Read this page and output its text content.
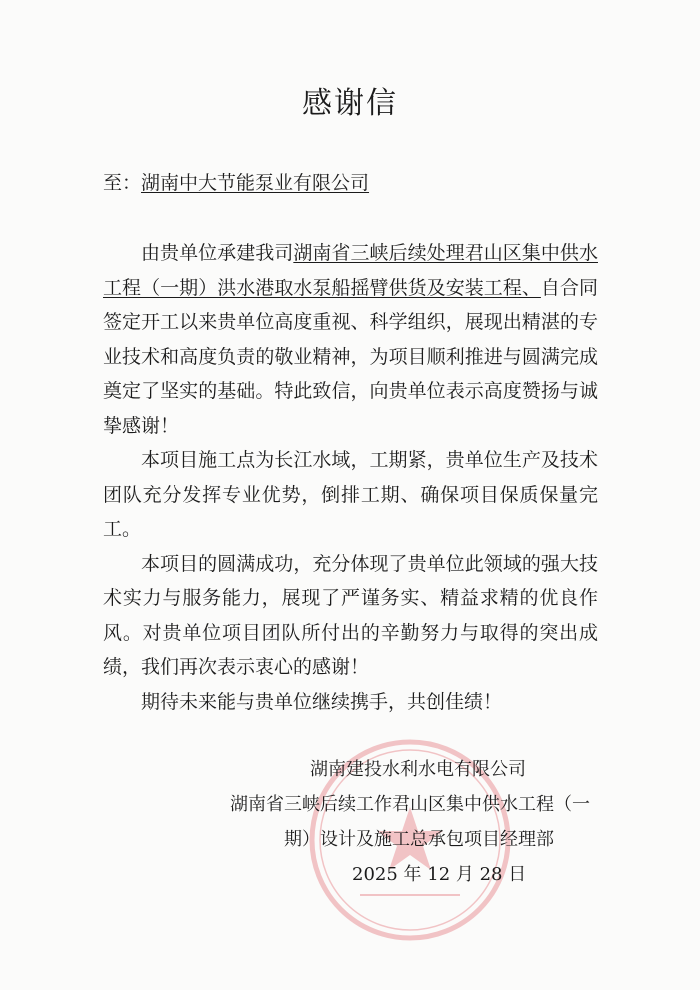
感谢信
至：湖南中大节能泵业有限公司

由贵单位承建我司湖南省三峡后续处理君山区集中供水工程（一期）洪水港取水泵船摇臂供货及安装工程、自合同签定开工以来贵单位高度重视、科学组织，展现出精湛的专业技术和高度负责的敬业精神，为项目顺利推进与圆满完成奠定了坚实的基础。特此致信，向贵单位表示高度赞扬与诚挚感谢！

本项目施工点为长江水域，工期紧，贵单位生产及技术团队充分发挥专业优势，倒排工期、确保项目保质保量完工。

本项目的圆满成功，充分体现了贵单位此领域的强大技术实力与服务能力，展现了严谨务实、精益求精的优良作风。对贵单位项目团队所付出的辛勤努力与取得的突出成绩，我们再次表示衷心的感谢！

期待未来能与贵单位继续携手，共创佳绩！

湖南建投水利水电有限公司
湖南省三峡后续工作君山区集中供水工程（一
期）设计及施工总承包项目经理部
2025 年 12 月 28 日
